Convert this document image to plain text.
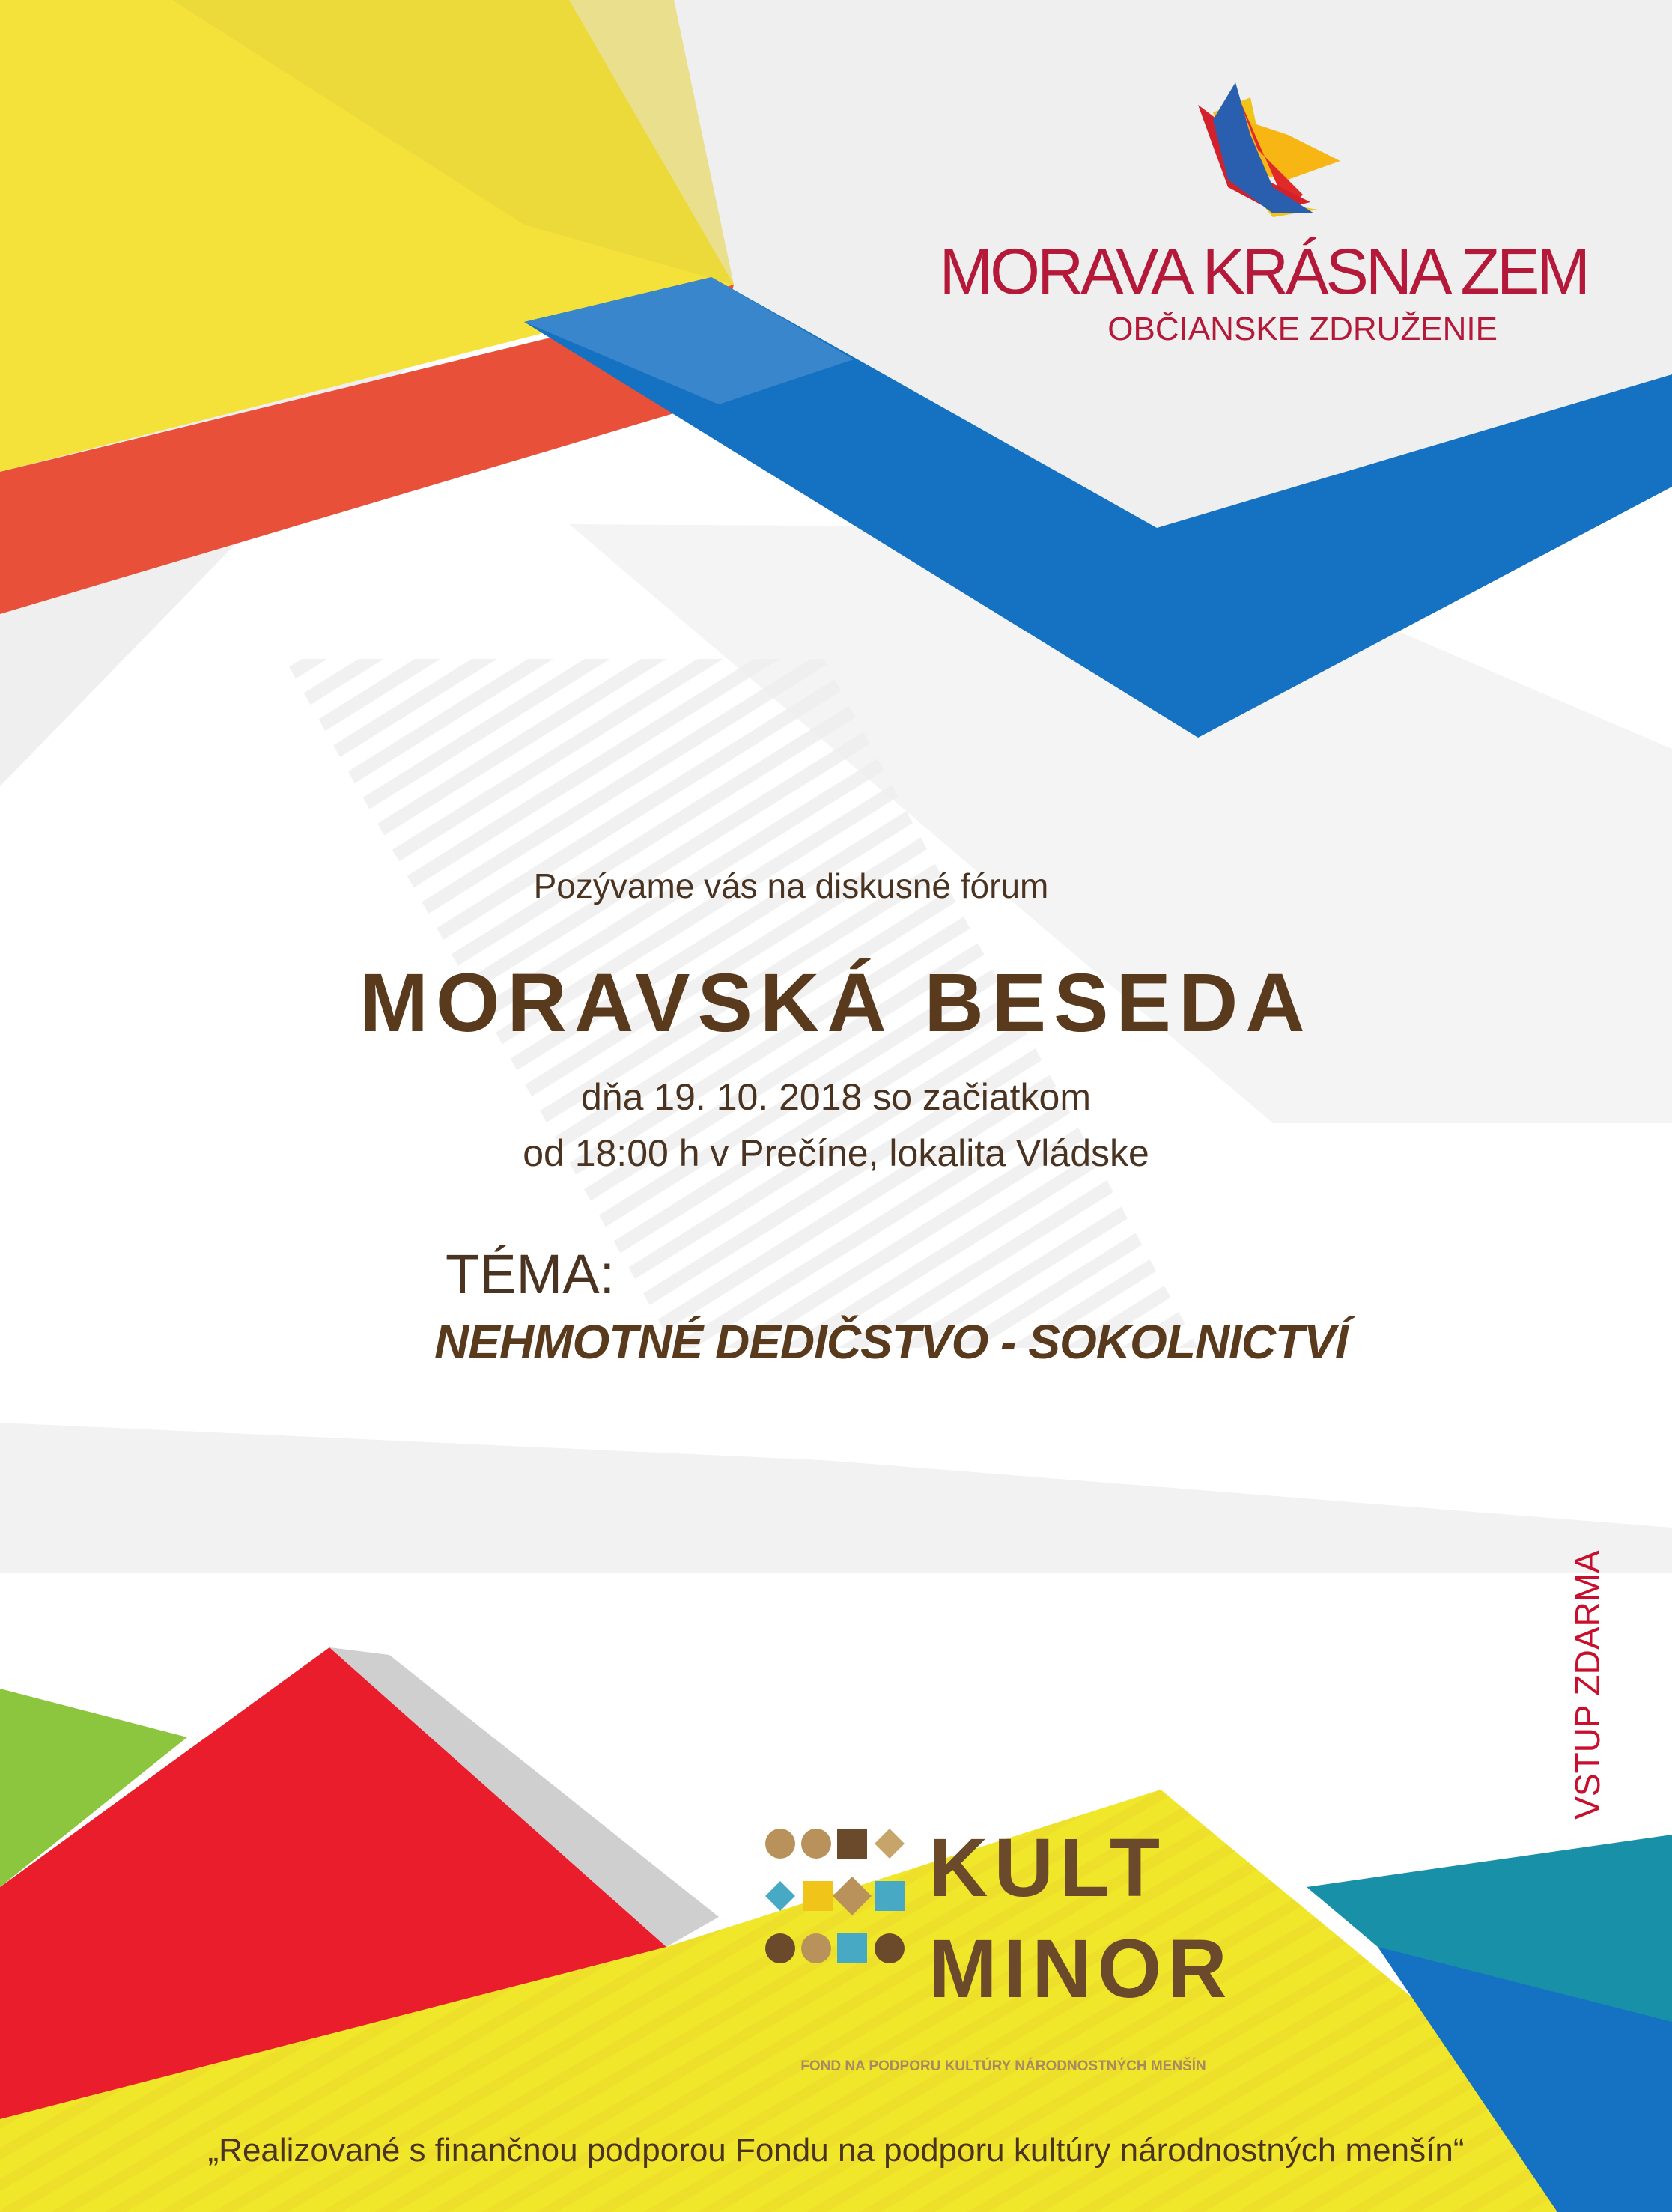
MORAVA KRÁSNA ZEM
OBČIANSKE ZDRUŽENIE
Pozývame vás na diskusné fórum
MORAVSKÁ BESEDA
dňa 19. 10. 2018 so začiatkom
od 18:00 h v Prečíne, lokalita Vládske
TÉMA:
NEHMOTNÉ DEDIČSTVO - SOKOLNICTVÍ
VSTUP ZDARMA
KULT
MINOR
FOND NA PODPORU KULTÚRY NÁRODNOSTNÝCH MENŠÍN
„Realizované s finančnou podporou Fondu na podporu kultúry národnostných menšín“
